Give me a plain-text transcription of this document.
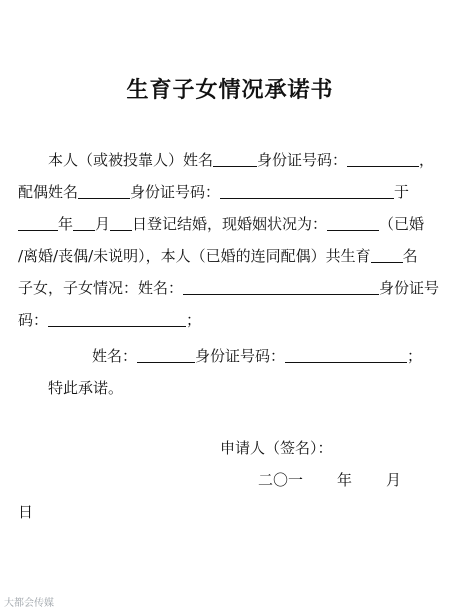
生育子女情况承诺书
本人（或被投靠人）姓名	身份证号码：	，
配偶姓名	身份证号码：	于
年 月 日登记结婚，现婚姻状况为：	（已婚
/离婚/丧偶/未说明），本人（已婚的连同配偶）共生育 名
子女，子女情况：姓名：	身份证号
码：	；
姓名：	身份证号码：	；
特此承诺。
申请人（签名）：
二〇一 年 月
日
大都会传媒
